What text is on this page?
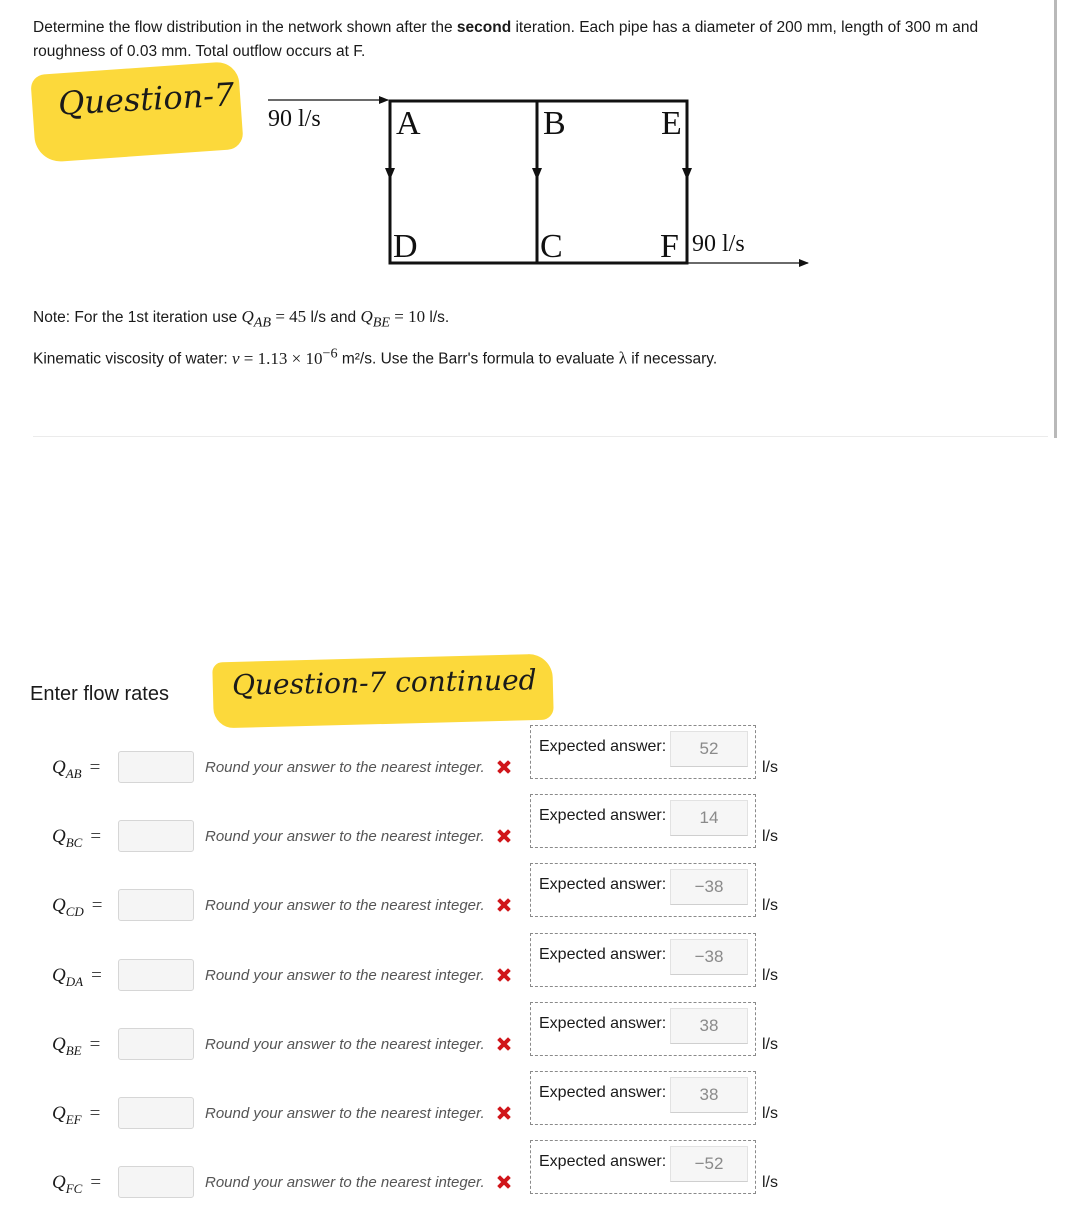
Determine the flow distribution in the network shown after the second iteration. Each pipe has a diameter of 200 mm, length of 300 m and roughness of 0.03 mm. Total outflow occurs at F.
Question-7 90 l/s A	B	E
D	C	F 90 l/s
Note: For the 1st iteration use $Q_{AB} = 45$ l/s and $Q_{BE} = 10$ l/s.
Kinematic viscosity of water: $\nu = 1.13 \times 10^{-6}$ m²/s. Use the Barr's formula to evaluate λ if necessary.
Enter flow rates Question-7 continued
$Q_{AB}$ =	Round your answer to the nearest integer.
Expected answer:	52
l/s
$Q_{BC}$ =	Round your answer to the nearest integer.
Expected answer:	14
l/s
$Q_{CD}$ =	Round your answer to the nearest integer.
Expected answer:	−38
l/s
$Q_{DA}$ =	Round your answer to the nearest integer.
Expected answer:	−38
l/s
$Q_{BE}$ =	Round your answer to the nearest integer.
Expected answer:	38
l/s
$Q_{EF}$ =	Round your answer to the nearest integer.
Expected answer:	38
l/s
$Q_{FC}$ =	Round your answer to the nearest integer.
Expected answer:	−52
l/s
